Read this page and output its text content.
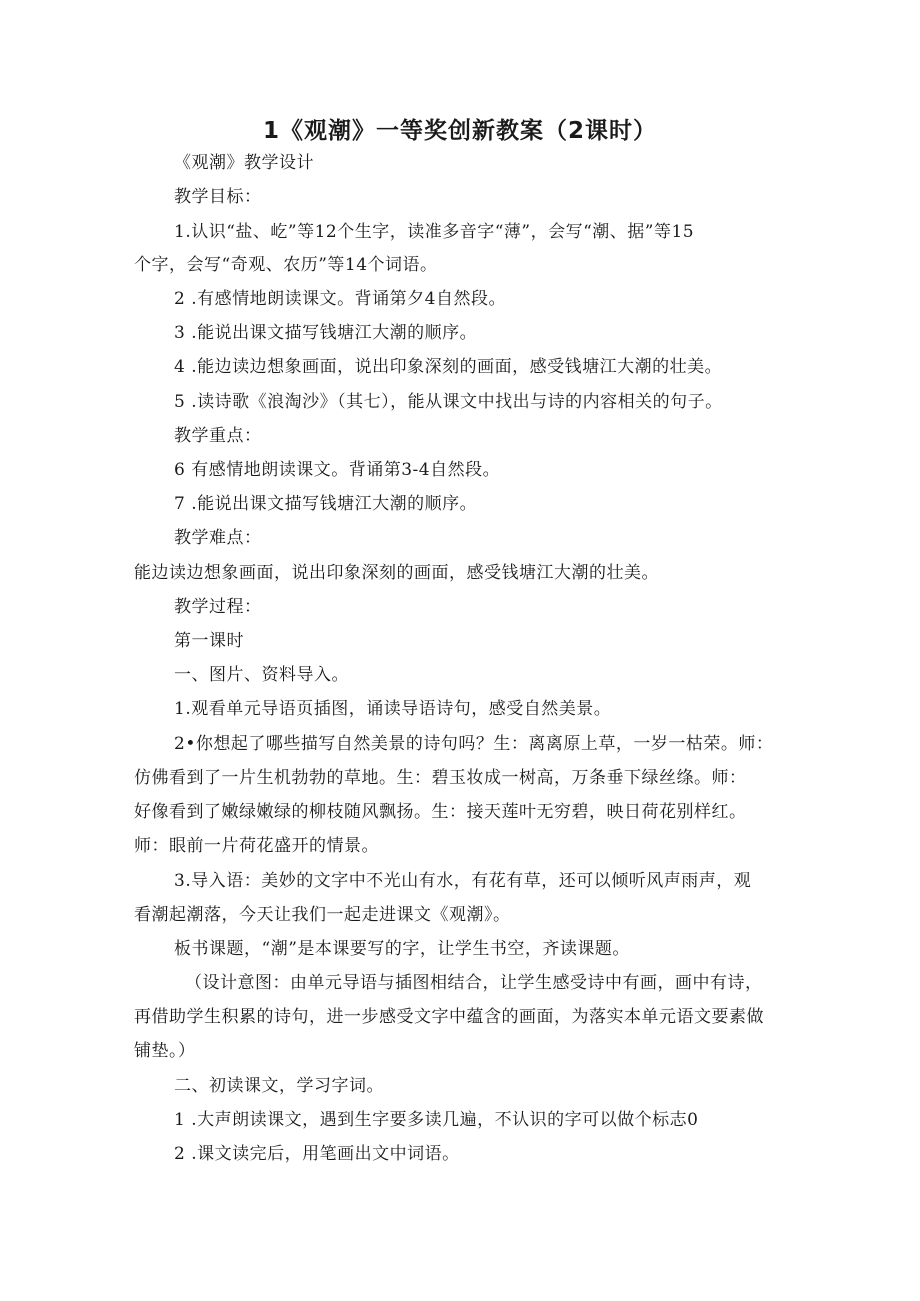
1《观潮》一等奖创新教案（2课时）
《观潮》教学设计
教学目标：
1.认识“盐、屹”等12个生字，读准多音字“薄”，会写“潮、据”等15
个字，会写“奇观、农历”等14个词语。
2 .有感情地朗读课文。背诵第夕4自然段。
3 .能说出课文描写钱塘江大潮的顺序。
4 .能边读边想象画面，说出印象深刻的画面，感受钱塘江大潮的壮美。
5 .读诗歌《浪淘沙》（其七），能从课文中找出与诗的内容相关的句子。
教学重点：
6 有感情地朗读课文。背诵第3-4自然段。
7 .能说出课文描写钱塘江大潮的顺序。
教学难点：
能边读边想象画面，说出印象深刻的画面，感受钱塘江大潮的壮美。
教学过程：
第一课时
一、图片、资料导入。
1.观看单元导语页插图，诵读导语诗句，感受自然美景。
2•你想起了哪些描写自然美景的诗句吗？生：离离原上草，一岁一枯荣。师：
仿佛看到了一片生机勃勃的草地。生：碧玉妆成一树高，万条垂下绿丝绦。师：
好像看到了嫩绿嫩绿的柳枝随风飘扬。生：接天莲叶无穷碧，映日荷花别样红。
师：眼前一片荷花盛开的情景。
3.导入语：美妙的文字中不光山有水，有花有草，还可以倾听风声雨声，观
看潮起潮落，今天让我们一起走进课文《观潮》。
板书课题，“潮”是本课要写的字，让学生书空，齐读课题。
（设计意图：由单元导语与插图相结合，让学生感受诗中有画，画中有诗，
再借助学生积累的诗句，进一步感受文字中蕴含的画面，为落实本单元语文要素做
铺垫。）
二、初读课文，学习字词。
1 .大声朗读课文，遇到生字要多读几遍，不认识的字可以做个标志0
2 .课文读完后，用笔画出文中词语。
